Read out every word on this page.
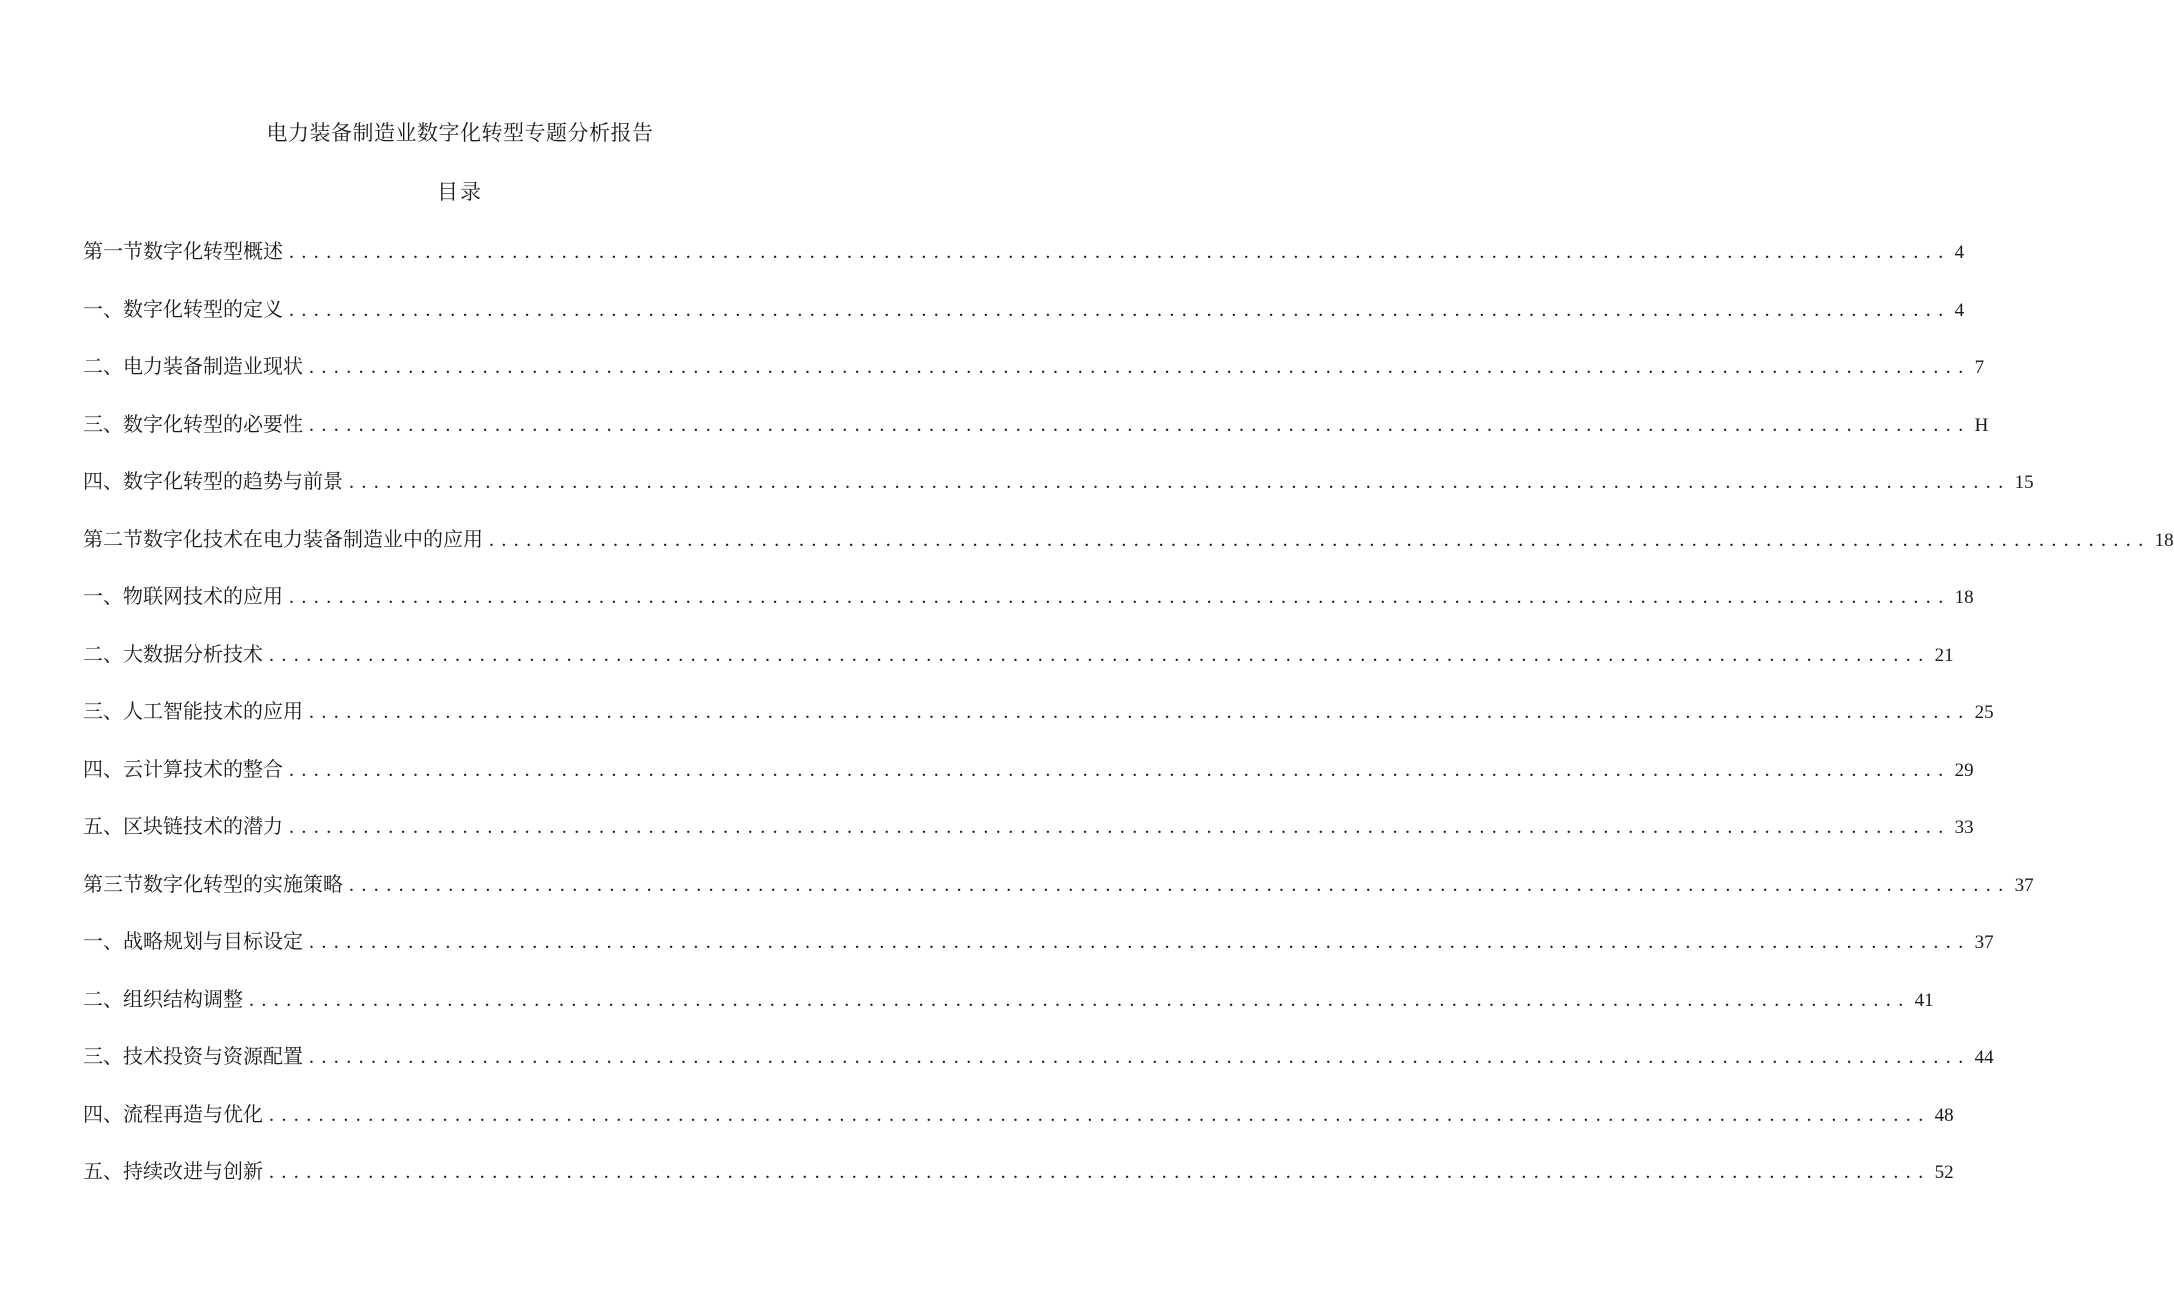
电力装备制造业数字化转型专题分析报告
目录
第一节数字化转型概述 ...................................................................................................................................... 4
一、数字化转型的定义 ...................................................................................................................................... 4
二、电力装备制造业现状 ...................................................................................................................................... 7
三、数字化转型的必要性 ...................................................................................................................................... H
四、数字化转型的趋势与前景 ...................................................................................................................................... 15
第二节数字化技术在电力装备制造业中的应用 ...................................................................................................................................... 18
一、物联网技术的应用 ...................................................................................................................................... 18
二、大数据分析技术 ...................................................................................................................................... 21
三、人工智能技术的应用 ...................................................................................................................................... 25
四、云计算技术的整合 ...................................................................................................................................... 29
五、区块链技术的潜力 ...................................................................................................................................... 33
第三节数字化转型的实施策略 ...................................................................................................................................... 37
一、战略规划与目标设定 ...................................................................................................................................... 37
二、组织结构调整 ...................................................................................................................................... 41
三、技术投资与资源配置 ...................................................................................................................................... 44
四、流程再造与优化 ...................................................................................................................................... 48
五、持续改进与创新 ...................................................................................................................................... 52
